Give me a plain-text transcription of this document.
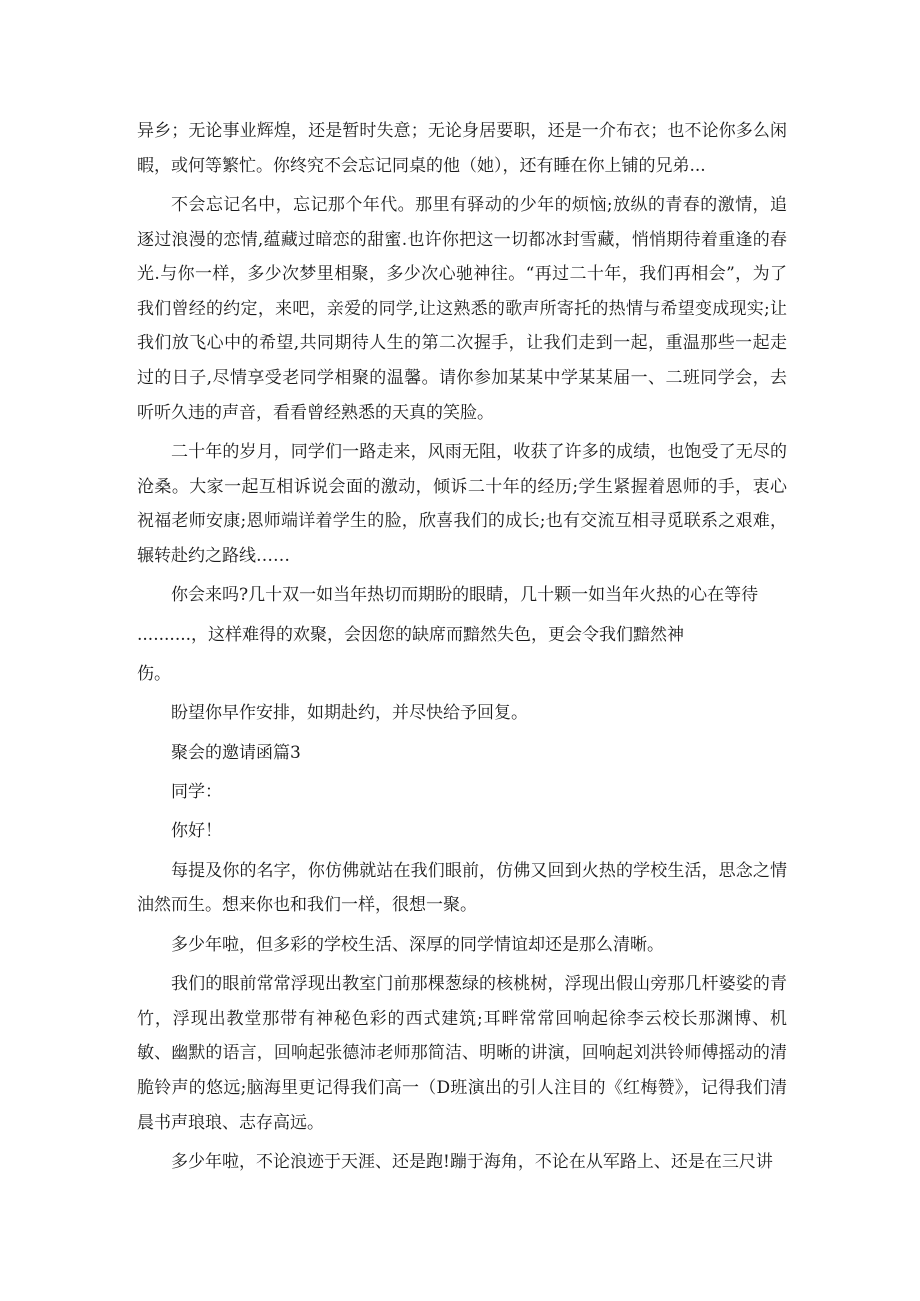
异乡；无论事业辉煌，还是暂时失意；无论身居要职，还是一介布衣；也不论你多么闲暇，或何等繁忙。你终究不会忘记同桌的他（她），还有睡在你上铺的兄弟...

不会忘记名中，忘记那个年代。那里有驿动的少年的烦恼;放纵的青春的激情，追逐过浪漫的恋情,蕴藏过暗恋的甜蜜.也许你把这一切都冰封雪藏，悄悄期待着重逢的春光.与你一样，多少次梦里相聚，多少次心驰神往。“再过二十年，我们再相会”，为了我们曾经的约定，来吧，亲爱的同学,让这熟悉的歌声所寄托的热情与希望变成现实;让我们放飞心中的希望,共同期待人生的第二次握手，让我们走到一起，重温那些一起走过的日子,尽情享受老同学相聚的温馨。请你参加某某中学某某届一、二班同学会，去听听久违的声音，看看曾经熟悉的天真的笑脸。

二十年的岁月，同学们一路走来，风雨无阻，收获了许多的成绩，也饱受了无尽的沧桑。大家一起互相诉说会面的激动，倾诉二十年的经历;学生紧握着恩师的手，衷心祝福老师安康;恩师端详着学生的脸，欣喜我们的成长;也有交流互相寻觅联系之艰难，辗转赴约之路线……

你会来吗?几十双一如当年热切而期盼的眼睛，几十颗一如当年火热的心在等待
..........，这样难得的欢聚，会因您的缺席而黯然失色，更会令我们黯然神
伤。

盼望你早作安排，如期赴约，并尽快给予回复。

聚会的邀请函篇3

同学：

你好！

每提及你的名字，你仿佛就站在我们眼前，仿佛又回到火热的学校生活，思念之情油然而生。想来你也和我们一样，很想一聚。

多少年啦，但多彩的学校生活、深厚的同学情谊却还是那么清晰。

我们的眼前常常浮现出教室门前那棵葱绿的核桃树，浮现出假山旁那几杆婆娑的青竹，浮现出教堂那带有神秘色彩的西式建筑;耳畔常常回响起徐李云校长那渊博、机敏、幽默的语言，回响起张德沛老师那简洁、明晰的讲演，回响起刘洪铃师傅摇动的清脆铃声的悠远;脑海里更记得我们高一（D班演出的引人注目的《红梅赞》，记得我们清晨书声琅琅、志存高远。

多少年啦，不论浪迹于天涯、还是跑!蹦于海角，不论在从军路上、还是在三尺讲
